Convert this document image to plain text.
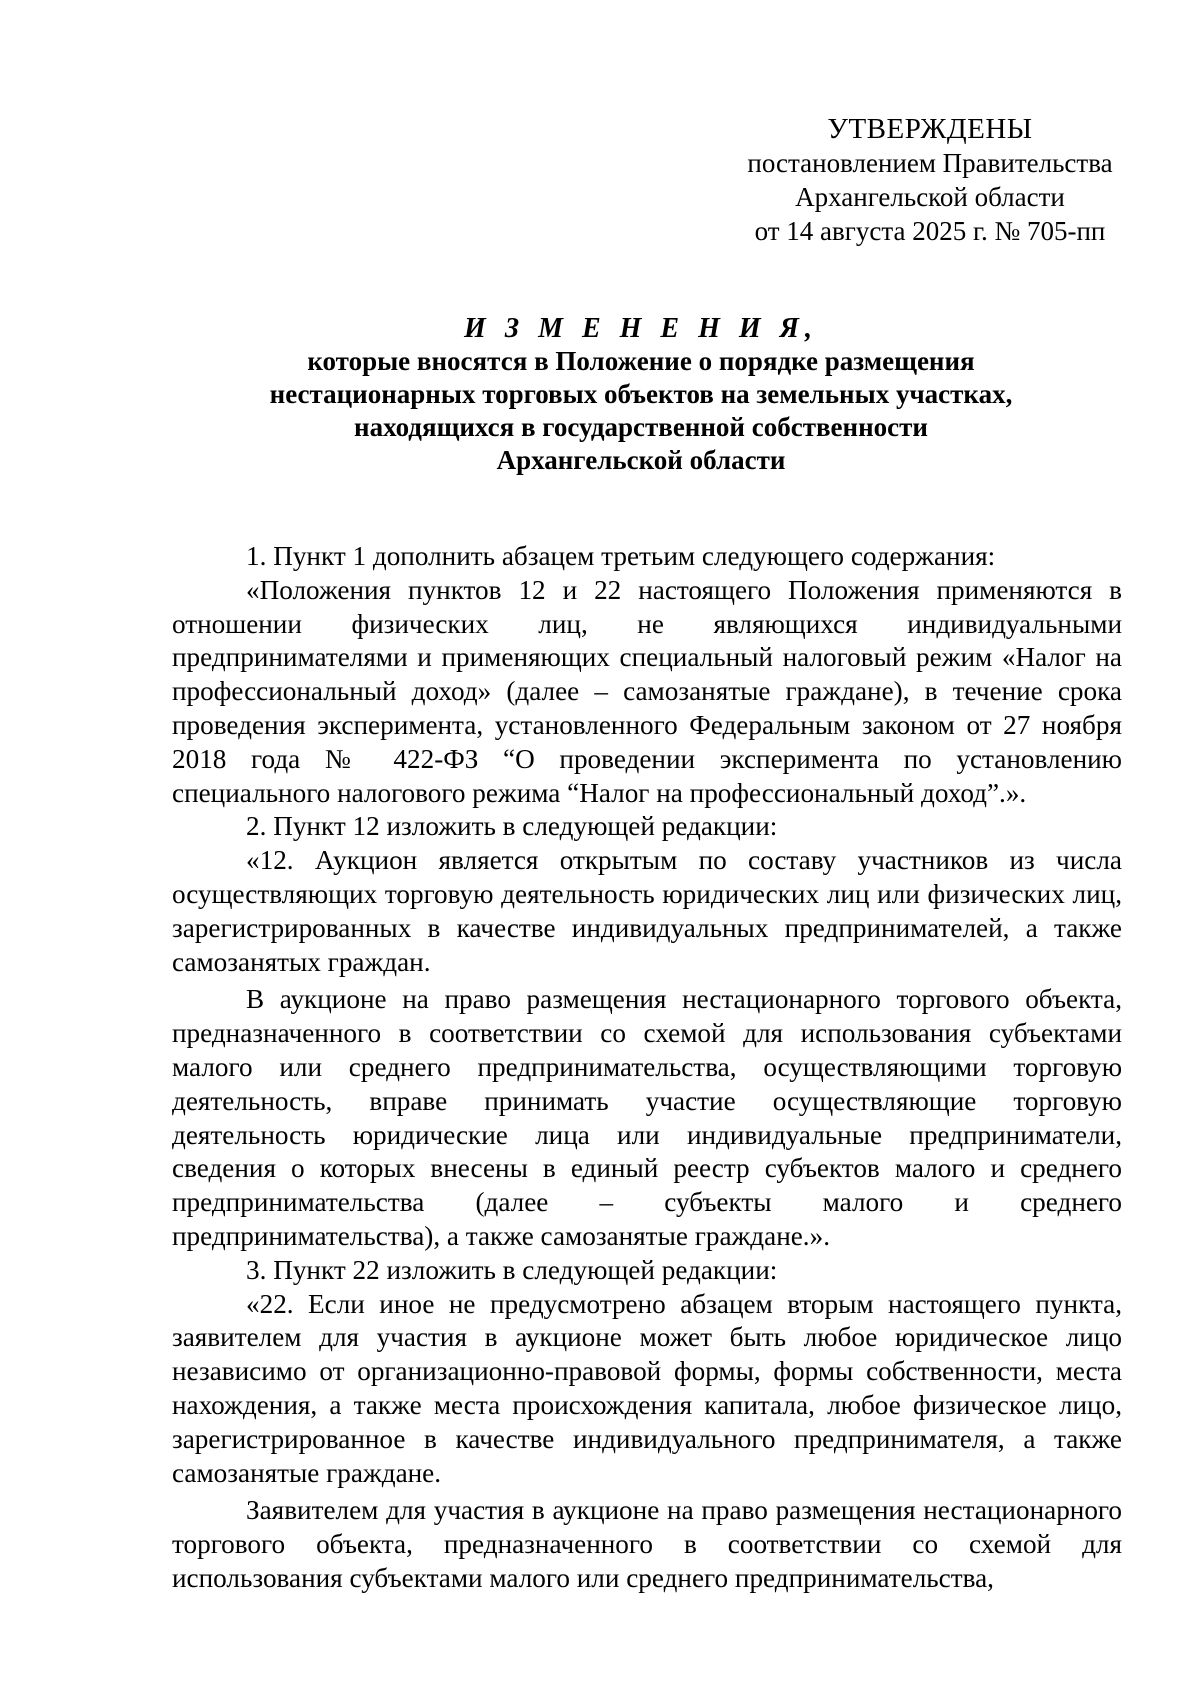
УТВЕРЖДЕНЫ
постановлением Правительства
Архангельской области
от 14 августа 2025 г. № 705-пп
И З М Е Н Е Н И Я,
которые вносятся в Положение о порядке размещения
нестационарных торговых объектов на земельных участках,
находящихся в государственной собственности
Архангельской области

1. Пункт 1 дополнить абзацем третьим следующего содержания:

«Положения пунктов 12 и 22 настоящего Положения применяются в отношении физических лиц, не являющихся индивидуальными предпринимателями и применяющих специальный налоговый режим «Налог на профессиональный доход» (далее – самозанятые граждане), в течение срока проведения эксперимента, установленного Федеральным законом от 27 ноября 2018 года № 422-ФЗ “О проведении эксперимента по установлению специального налогового режима “Налог на профессиональный доход”.».

2. Пункт 12 изложить в следующей редакции:

«12. Аукцион является открытым по составу участников из числа осуществляющих торговую деятельность юридических лиц или физических лиц, зарегистрированных в качестве индивидуальных предпринимателей, а также самозанятых граждан.

В аукционе на право размещения нестационарного торгового объекта, предназначенного в соответствии со схемой для использования субъектами малого или среднего предпринимательства, осуществляющими торговую деятельность, вправе принимать участие осуществляющие торговую деятельность юридические лица или индивидуальные предприниматели, сведения о которых внесены в единый реестр субъектов малого и среднего предпринимательства (далее – субъекты малого и среднего предпринимательства), а также самозанятые граждане.».

3. Пункт 22 изложить в следующей редакции:

«22. Если иное не предусмотрено абзацем вторым настоящего пункта, заявителем для участия в аукционе может быть любое юридическое лицо независимо от организационно-правовой формы, формы собственности, места нахождения, а также места происхождения капитала, любое физическое лицо, зарегистрированное в качестве индивидуального предпринимателя, а также самозанятые граждане.

Заявителем для участия в аукционе на право размещения нестационарного торгового объекта, предназначенного в соответствии со схемой для использования субъектами малого или среднего предпринимательства,
